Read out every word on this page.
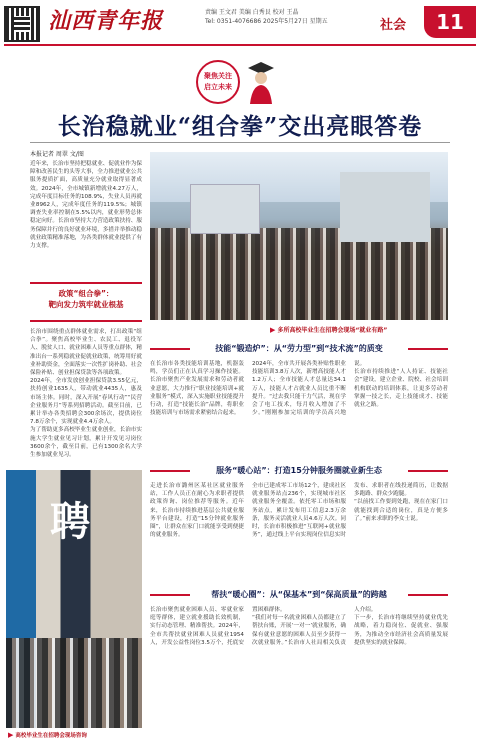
汕西青年报	责编 王文君 美编 白秀艮 校对 王晶
Tel: 0351-4076686 2025年5月27日 星期五	社会	11
聚焦关注
启立未来
长治稳就业“组合拳”交出亮眼答卷
本报记者 周翠 文/图
近年来，长治市坚持把稳就业、促就业作为保障和改善民生的头等大事，全力推进就业公共服务提质扩面，高质量充分就业取得显著成效。2024年，全市城镇新增就业4.27万人，完成年度目标任务的108.9%，失业人员再就业8962人，完成年度任务的119.5%；城镇调查失业率控制在5.5%以内，就业形势总体稳定向好。长治市坚持大力营造政策扶持、服务保障并行的良好就业环境，多措并举推动稳就业政策精准落地，为各类群体就业提供了有力支撑。
政策“组合拳”：
靶向发力筑牢就业根基
长治市围绕重点群体就业需求，打出政策“组合拳”。聚焦高校毕业生、农民工、退役军人、脱贫人口、就业困难人员等重点群体，精准出台一系列稳就业促就业政策，统筹用好就业补助资金，全面落实一次性扩岗补助、社会保险补贴、创业担保贷款等各项政策。
2024年，全市发放创业担保贷款3.55亿元，扶持创业1635人，带动就业4435人，惠及市场主体。同时，深入开展“春风行动”“民营企业服务月”等系列招聘活动。截至目前，已累计举办各类招聘会300余场次，提供岗位7.8万余个，实现就业4.4万余人。
为了帮助更多高校毕业生就业创业，长治市实施大学生就业见习计划，累计开发见习岗位3600余个，截至目前，已有1300余名大学生参加就业见习。
▶ 多所高校毕业生在招聘会现场“就业有路”
技能“锻造炉”：从“劳力型”到“技术流”的质变
在长治市各类技能培训基地，机器轰鸣，学员们正在认真学习操作技能。长治市聚焦产业发展需求和劳动者就业意愿，大力推行“职业技能培训+就业服务”模式，深入实施职业技能提升行动，打造“技能长治”品牌，将职业技能培训与市场需求紧密结合起来。
2024年，全市共开展各类补贴性职业技能培训3.8万人次，新增高技能人才1.2万人；全市技能人才总量达34.1万人，技能人才占就业人员比重不断提升。“过去我只能干力气活，现在学会了电工技术，每月收入增加了不少。”刚刚参加完培训的学员高兴地说。
长治市持续推进“人人持证、技能社会”建设，建立企业、院校、社会培训机构联动的培训体系，让更多劳动者掌握一技之长，走上技能成才、技能就业之路。
聘
▶ 高校毕业生在招聘会现场咨询
服务“暖心站”：打造15分钟服务圈就业新生态
走进长治市潞州区某社区就业服务站，工作人员正在耐心为求职者提供政策咨询、岗位推荐等服务。近年来，长治市持续推进基层公共就业服务平台建设，打造“15分钟就业服务圈”，让群众在家门口就能享受到便捷的就业服务。
全市已建成零工市场12个，建成社区就业服务站点236个，实现城市社区就业服务全覆盖。依托零工市场和服务站点，累计发布用工信息2.3万余条，服务灵活就业人员4.6万人次。同时，长治市积极推进“互联网+就业服务”，通过线上平台实现岗位信息实时发布、求职者在线投递简历，让数据多跑路、群众少跑腿。
“以前找工作要到处跑，现在在家门口就能找到合适的岗位，真是方便多了。”前来求职的李女士说。
帮扶“暖心圈”：从“保基本”到“保高质量”的跨越
长治市聚焦就业困难人员、零就业家庭等群体，建立就业援助长效机制，实行动态管理、精准帮扶。2024年，全市共帮扶就业困难人员就业1954人，开发公益性岗位3.5万个，托底安置困难群体。
“我们对每一名就业困难人员都建立了帮扶台账，开展‘一对一’就业服务，确保有就业意愿的困难人员至少获得一次就业服务。”长治市人社局相关负责人介绍。
下一步，长治市将继续坚持就业优先战略，着力稳岗位、促就业、强服务，为推动全市经济社会高质量发展提供坚实的就业保障。
